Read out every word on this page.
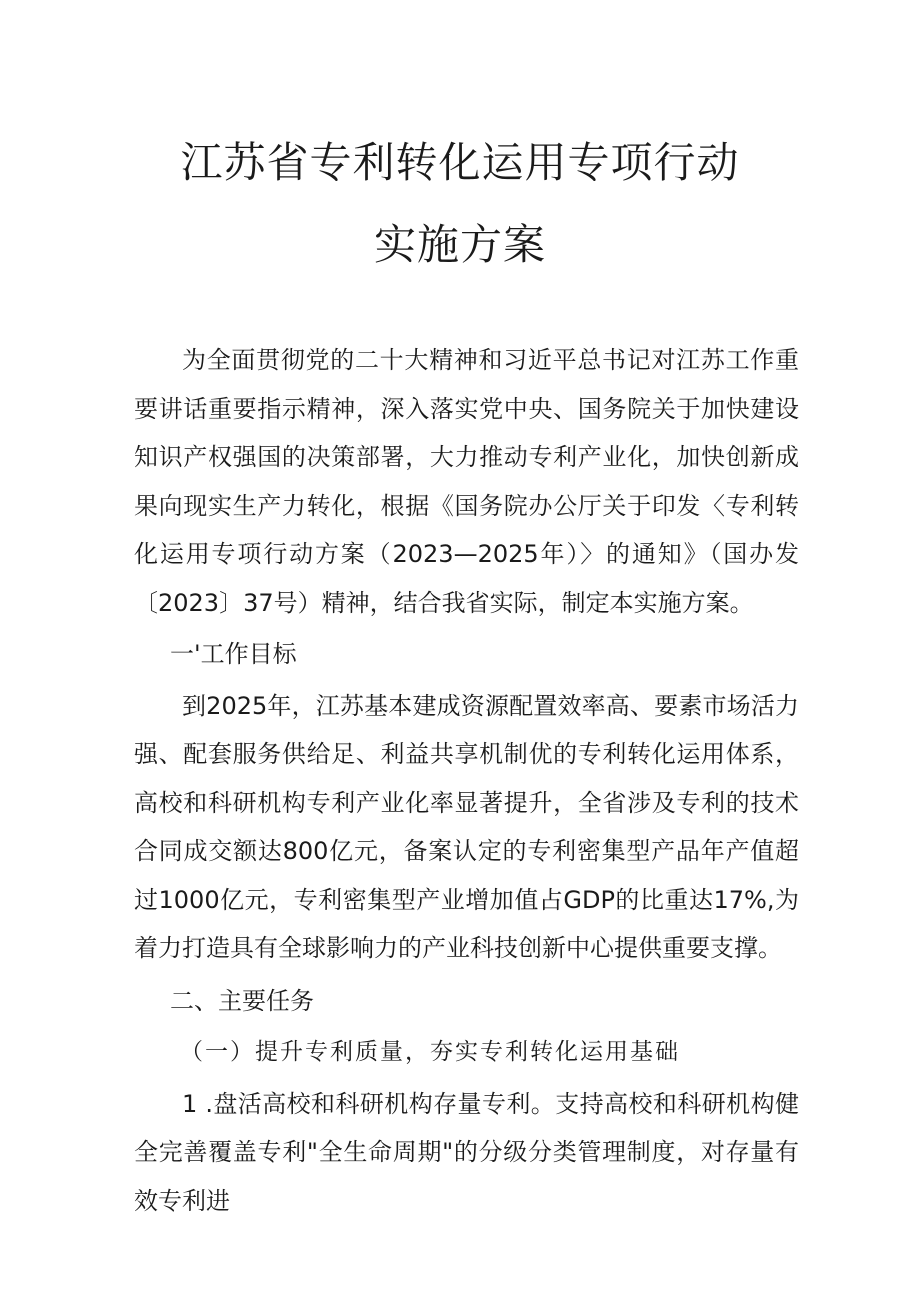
江苏省专利转化运用专项行动
实施方案

为全面贯彻党的二十大精神和习近平总书记对江苏工作重要讲话重要指示精神，深入落实党中央、国务院关于加快建设知识产权强国的决策部署，大力推动专利产业化，加快创新成果向现实生产力转化，根据《国务院办公厅关于印发〈专利转化运用专项行动方案（2023—2025年）〉的通知》（国办发〔2023〕37号）精神，结合我省实际，制定本实施方案。

一'工作目标

到2025年，江苏基本建成资源配置效率高、要素市场活力强、配套服务供给足、利益共享机制优的专利转化运用体系，高校和科研机构专利产业化率显著提升，全省涉及专利的技术合同成交额达800亿元，备案认定的专利密集型产品年产值超过1000亿元，专利密集型产业增加值占GDP的比重达17%,为着力打造具有全球影响力的产业科技创新中心提供重要支撑。

二、主要任务

（一）提升专利质量，夯实专利转化运用基础

1 .盘活高校和科研机构存量专利。支持高校和科研机构健全完善覆盖专利"全生命周期"的分级分类管理制度，对存量有效专利进
